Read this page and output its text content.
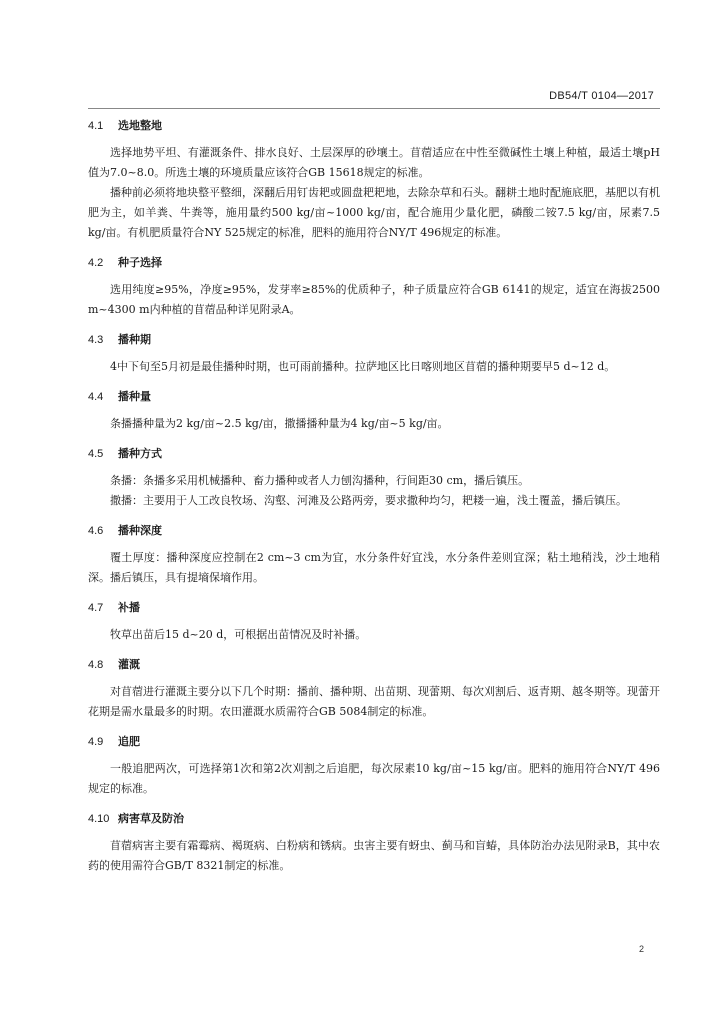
DB54/T 0104—2017
4.1 选地整地

选择地势平坦、有灌溉条件、排水良好、土层深厚的砂壤土。苜蓿适应在中性至微碱性土壤上种植，最适土壤pH值为7.0~8.0。所选土壤的环境质量应该符合GB 15618规定的标准。

播种前必须将地块整平整细，深翻后用钉齿耙或圆盘耙耙地，去除杂草和石头。翻耕土地时配施底肥，基肥以有机肥为主，如羊粪、牛粪等，施用量约500 kg/亩~1000 kg/亩，配合施用少量化肥，磷酸二铵7.5 kg/亩，尿素7.5 kg/亩。有机肥质量符合NY 525规定的标准，肥料的施用符合NY/T 496规定的标准。

4.2 种子选择

选用纯度≥95%，净度≥95%，发芽率≥85%的优质种子，种子质量应符合GB 6141的规定，适宜在海拔2500 m~4300 m内种植的苜蓿品种详见附录A。

4.3 播种期

4中下旬至5月初是最佳播种时期，也可雨前播种。拉萨地区比日喀则地区苜蓿的播种期要早5 d~12 d。

4.4 播种量

条播播种量为2 kg/亩~2.5 kg/亩，撒播播种量为4 kg/亩~5 kg/亩。

4.5 播种方式

条播：条播多采用机械播种、畜力播种或者人力刨沟播种，行间距30 cm，播后镇压。

撒播：主要用于人工改良牧场、沟壑、河滩及公路两旁，要求撒种均匀，耙耧一遍，浅土覆盖，播后镇压。

4.6 播种深度

覆土厚度：播种深度应控制在2 cm~3 cm为宜，水分条件好宜浅，水分条件差则宜深；粘土地稍浅，沙土地稍深。播后镇压，具有提墒保墒作用。

4.7 补播

牧草出苗后15 d~20 d，可根据出苗情况及时补播。

4.8 灌溉

对苜蓿进行灌溉主要分以下几个时期：播前、播种期、出苗期、现蕾期、每次刈割后、返青期、越冬期等。现蕾开花期是需水量最多的时期。农田灌溉水质需符合GB 5084制定的标准。

4.9 追肥

一般追肥两次，可选择第1次和第2次刈割之后追肥，每次尿素10 kg/亩~15 kg/亩。肥料的施用符合NY/T 496规定的标准。

4.10 病害草及防治

苜蓿病害主要有霜霉病、褐斑病、白粉病和锈病。虫害主要有蚜虫、蓟马和盲蝽，具体防治办法见附录B，其中农药的使用需符合GB/T 8321制定的标准。

2
